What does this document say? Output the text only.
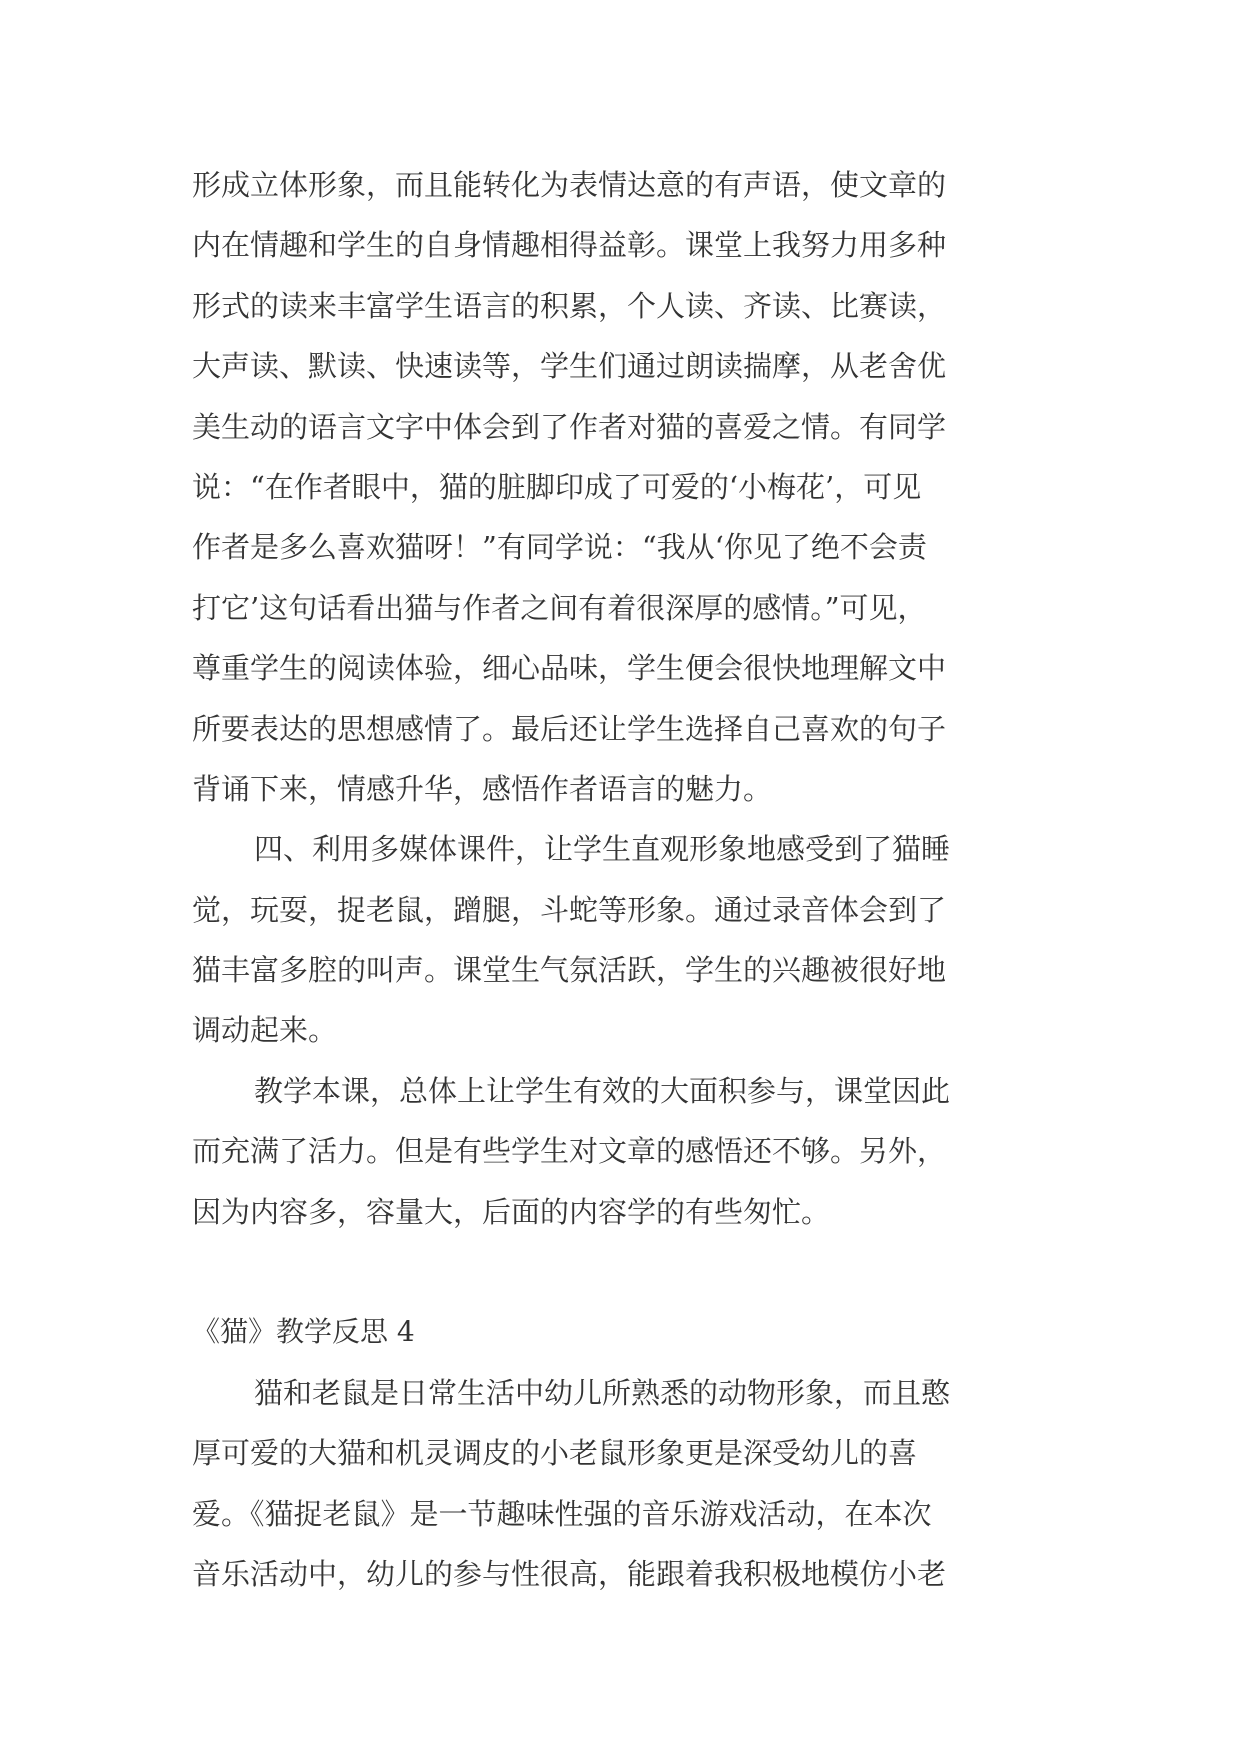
形成立体形象，而且能转化为表情达意的有声语，使文章的
内在情趣和学生的自身情趣相得益彰。课堂上我努力用多种
形式的读来丰富学生语言的积累，个人读、齐读、比赛读，
大声读、默读、快速读等，学生们通过朗读揣摩，从老舍优
美生动的语言文字中体会到了作者对猫的喜爱之情。有同学
说：“在作者眼中，猫的脏脚印成了可爱的‘小梅花’，可见
作者是多么喜欢猫呀！”有同学说：“我从‘你见了绝不会责
打它’这句话看出猫与作者之间有着很深厚的感情。”可见，
尊重学生的阅读体验，细心品味，学生便会很快地理解文中
所要表达的思想感情了。最后还让学生选择自己喜欢的句子
背诵下来，情感升华，感悟作者语言的魅力。
四、利用多媒体课件，让学生直观形象地感受到了猫睡
觉，玩耍，捉老鼠，蹭腿，斗蛇等形象。通过录音体会到了
猫丰富多腔的叫声。课堂生气氛活跃，学生的兴趣被很好地
调动起来。
教学本课，总体上让学生有效的大面积参与，课堂因此
而充满了活力。但是有些学生对文章的感悟还不够。另外，
因为内容多，容量大，后面的内容学的有些匆忙。
《猫》教学反思 4
猫和老鼠是日常生活中幼儿所熟悉的动物形象，而且憨
厚可爱的大猫和机灵调皮的小老鼠形象更是深受幼儿的喜
爱。《猫捉老鼠》是一节趣味性强的音乐游戏活动，在本次
音乐活动中，幼儿的参与性很高，能跟着我积极地模仿小老
